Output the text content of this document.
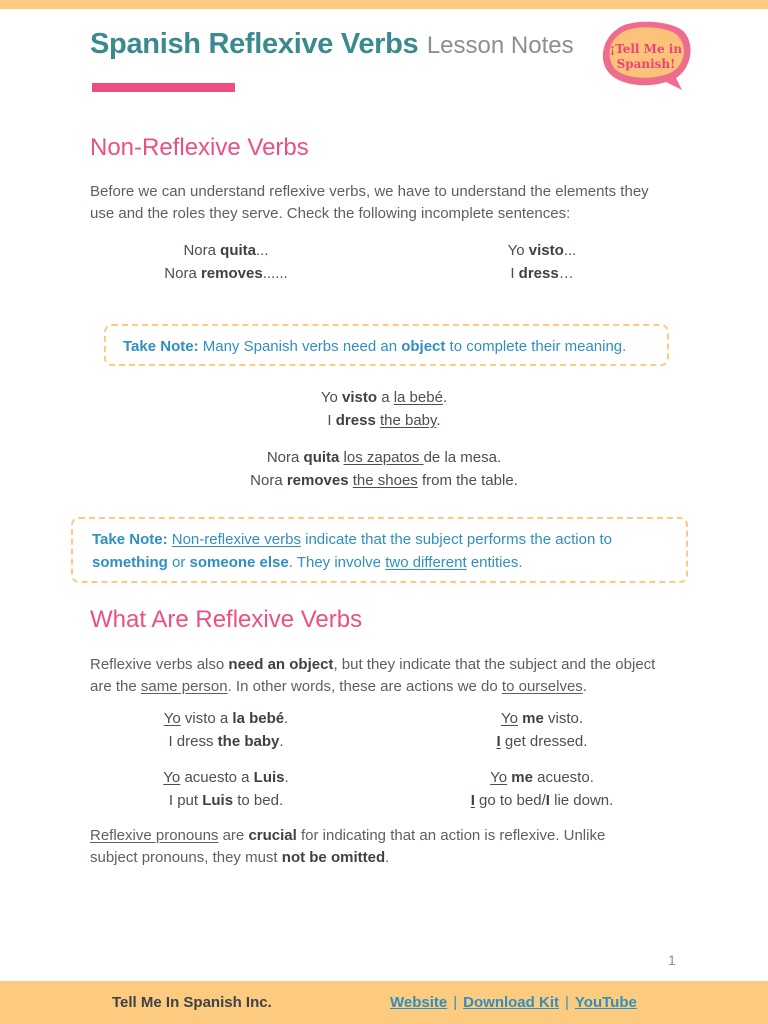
Spanish Reflexive Verbs Lesson Notes	¡Tell Me in
Spanish!
Non-Reflexive Verbs
Before we can understand reflexive verbs, we have to understand the elements they use and the roles they serve. Check the following incomplete sentences:
Nora quita...
Nora removes......
Yo visto...
I dress…
Take Note: Many Spanish verbs need an object to complete their meaning.
Yo visto a la bebé.
I dress the baby.
Nora quita los zapatos de la mesa.
Nora removes the shoes from the table.
Take Note: Non-reflexive verbs indicate that the subject performs the action to something or someone else. They involve two different entities.
What Are Reflexive Verbs
Reflexive verbs also need an object, but they indicate that the subject and the object are the same person. In other words, these are actions we do to ourselves.
Yo visto a la bebé.
I dress the baby.
Yo me visto.
I get dressed.
Yo acuesto a Luis.
I put Luis to bed.
Yo me acuesto.
I go to bed/I lie down.
Reflexive pronouns are crucial for indicating that an action is reflexive. Unlike subject pronouns, they must not be omitted.
1
Tell Me In Spanish Inc.	Website | Download Kit | YouTube
